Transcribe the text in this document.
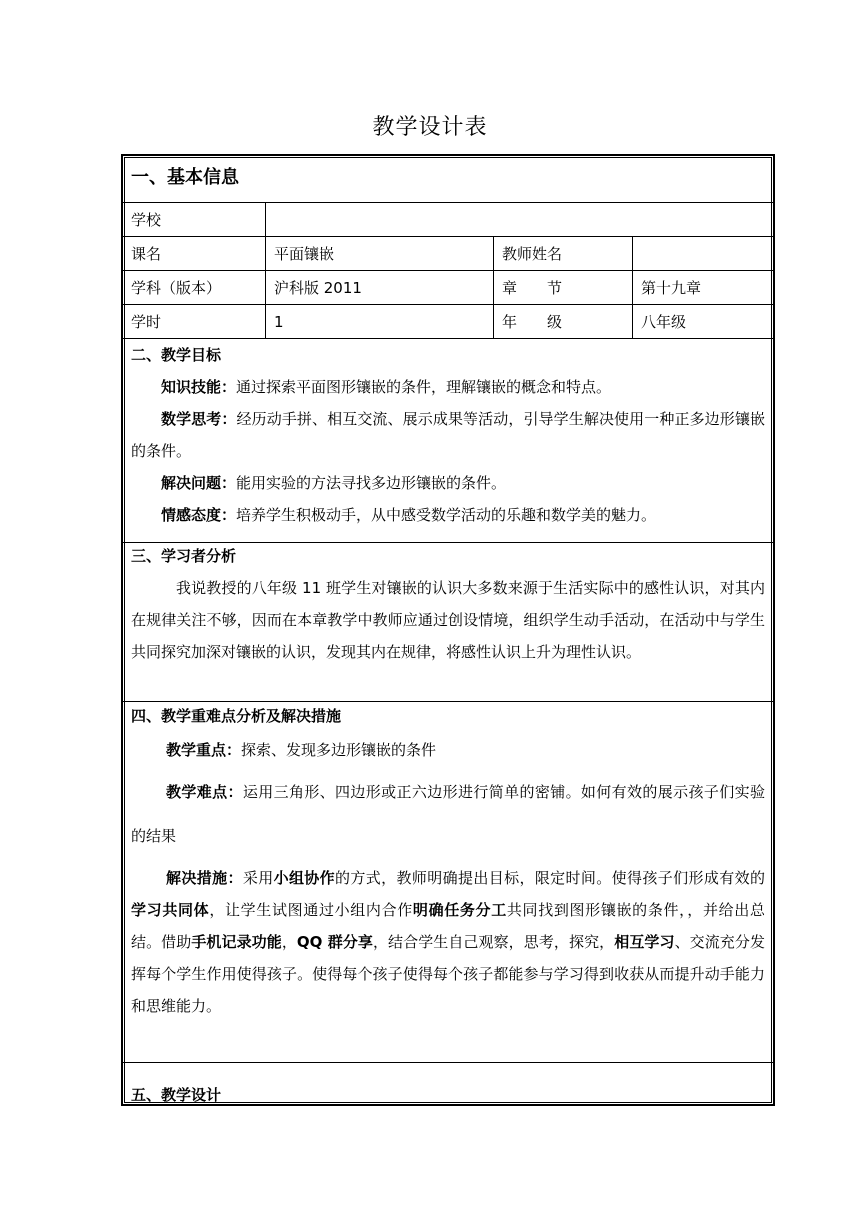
教学设计表
一、基本信息
学校
课名	平面镶嵌	教师姓名
学科（版本）	沪科版 2011	章　　节	第十九章
学时	1	年　　级	八年级
二、教学目标

知识技能：通过探索平面图形镶嵌的条件，理解镶嵌的概念和特点。

数学思考：经历动手拼、相互交流、展示成果等活动，引导学生解决使用一种正多边形镶嵌的条件。

解决问题：能用实验的方法寻找多边形镶嵌的条件。

情感态度：培养学生积极动手，从中感受数学活动的乐趣和数学美的魅力。

三、学习者分析

我说教授的八年级 11 班学生对镶嵌的认识大多数来源于生活实际中的感性认识，对其内在规律关注不够，因而在本章教学中教师应通过创设情境，组织学生动手活动，在活动中与学生共同探究加深对镶嵌的认识，发现其内在规律，将感性认识上升为理性认识。

四、教学重难点分析及解决措施

教学重点：探索、发现多边形镶嵌的条件

教学难点：运用三角形、四边形或正六边形进行简单的密铺。如何有效的展示孩子们实验的结果

解决措施：采用小组协作的方式，教师明确提出目标，限定时间。使得孩子们形成有效的学习共同体，让学生试图通过小组内合作明确任务分工共同找到图形镶嵌的条件，，并给出总结。借助手机记录功能，QQ 群分享，结合学生自己观察，思考，探究，相互学习、交流充分发挥每个学生作用使得孩子。使得每个孩子使得每个孩子都能参与学习得到收获从而提升动手能力和思维能力。

五、教学设计
